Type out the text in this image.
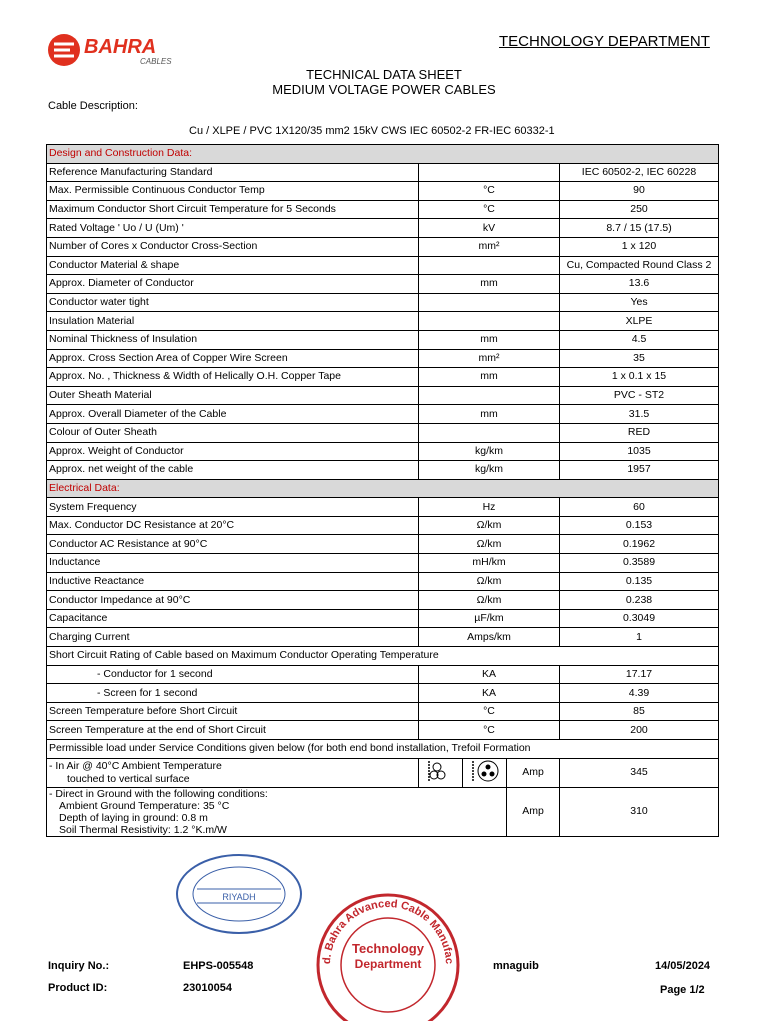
BAHRA
CABLES
TECHNOLOGY DEPARTMENT
TECHNICAL DATA SHEET
MEDIUM VOLTAGE POWER CABLES
Cable Description:
Cu / XLPE / PVC 1X120/35 mm2 15kV CWS IEC 60502-2 FR-IEC 60332-1
Design and Construction Data:				
Reference Manufacturing Standard				IEC 60502-2, IEC 60228
Max. Permissible Continuous Conductor Temp	°C			90
Maximum Conductor Short Circuit Temperature for 5 Seconds	°C			250
Rated Voltage ' Uo / U (Um) '	kV			8.7 / 15 (17.5)
Number of Cores x Conductor Cross-Section	mm²			1 x 120
Conductor Material & shape				Cu, Compacted Round Class 2
Approx. Diameter of Conductor	mm			13.6
Conductor water tight				Yes
Insulation Material				XLPE
Nominal Thickness of Insulation	mm			4.5
Approx. Cross Section Area of Copper Wire Screen	mm²			35
Approx. No. , Thickness & Width of Helically O.H. Copper Tape	mm			1 x 0.1 x 15
Outer Sheath Material				PVC - ST2
Approx. Overall Diameter of the Cable	mm			31.5
Colour of Outer Sheath				RED
Approx. Weight of Conductor	kg/km			1035
Approx. net weight of the cable	kg/km			1957
Electrical Data:				
System Frequency	Hz			60
Max. Conductor DC Resistance at 20°C	Ω/km			0.153
Conductor AC Resistance at 90°C	Ω/km			0.1962
Inductance	mH/km			0.3589
Inductive Reactance	Ω/km			0.135
Conductor Impedance at 90°C	Ω/km			0.238
Capacitance	µF/km			0.3049
Charging Current	Amps/km			1
Short Circuit Rating of Cable based on Maximum Conductor Operating Temperature				
- Conductor for 1 second	KA			17.17
- Screen for 1 second	KA			4.39
Screen Temperature before Short Circuit	°C			85
Screen Temperature at the end of Short Circuit	°C			200
Permissible load under Service Conditions given below (for both end bond installation, Trefoil Formation				

- In Air @ 40°C Ambient Temperature
touched to vertical surface			Amp	345

- Direct in Ground with the following conditions:
Ambient Ground Temperature: 35 °C
Depth of laying in ground: 0.8 m
Soil Thermal Resistivity: 1.2 °K.m/W			Amp	310
RIYADH
d. Bahra Advanced Cable Manufac
Technology
Department
Inquiry No.:	EHPS-005548
Product ID:	23010054
mnaguib	14/05/2024
Page 1/2
